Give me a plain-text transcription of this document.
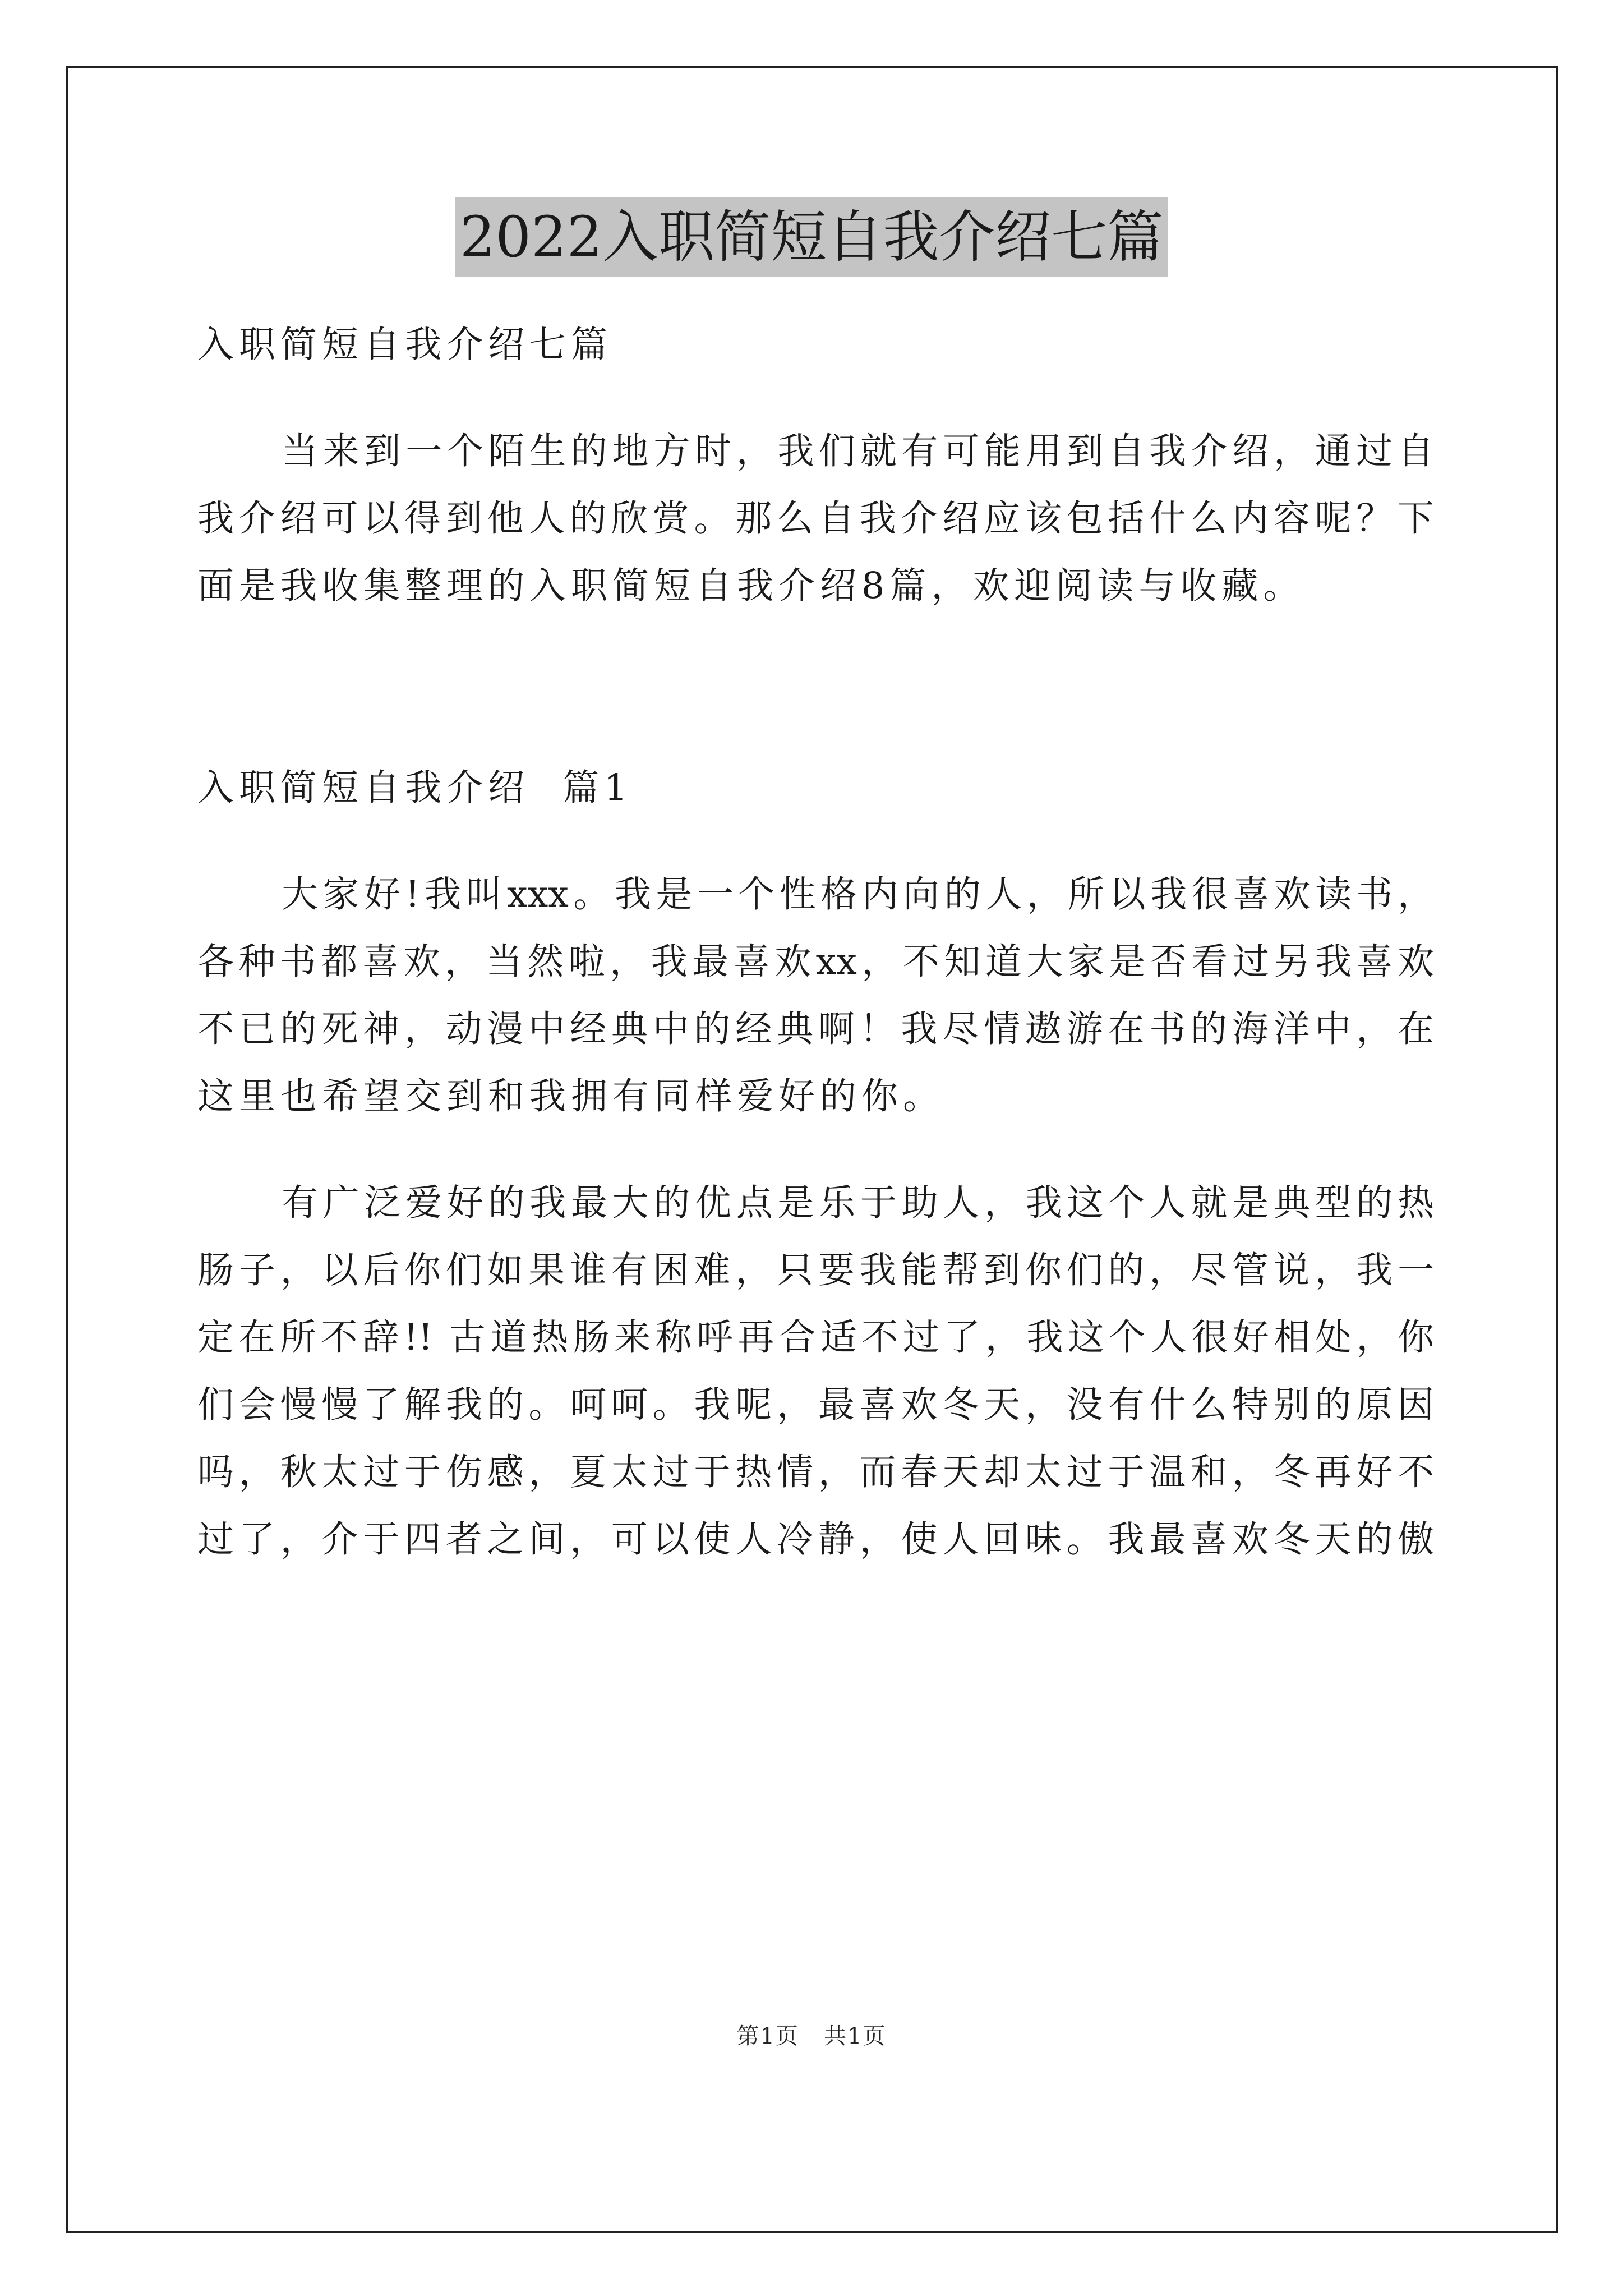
2022入职简短自我介绍七篇
入职简短自我介绍七篇
当来到一个陌生的地方时，我们就有可能用到自我介绍，通过自
我介绍可以得到他人的欣赏。那么自我介绍应该包括什么内容呢？下
面是我收集整理的入职简短自我介绍8篇，欢迎阅读与收藏。
入职简短自我介绍  篇1
大家好!我叫xxx。我是一个性格内向的人，所以我很喜欢读书，
各种书都喜欢，当然啦，我最喜欢xx，不知道大家是否看过另我喜欢
不已的死神，动漫中经典中的经典啊！我尽情遨游在书的海洋中，在
这里也希望交到和我拥有同样爱好的你。
有广泛爱好的我最大的优点是乐于助人，我这个人就是典型的热
肠子，以后你们如果谁有困难，只要我能帮到你们的，尽管说，我一
定在所不辞!! 古道热肠来称呼再合适不过了，我这个人很好相处，你
们会慢慢了解我的。呵呵。我呢，最喜欢冬天，没有什么特别的原因
吗，秋太过于伤感，夏太过于热情，而春天却太过于温和，冬再好不
过了，介于四者之间，可以使人冷静，使人回味。我最喜欢冬天的傲
第1页   共1页
